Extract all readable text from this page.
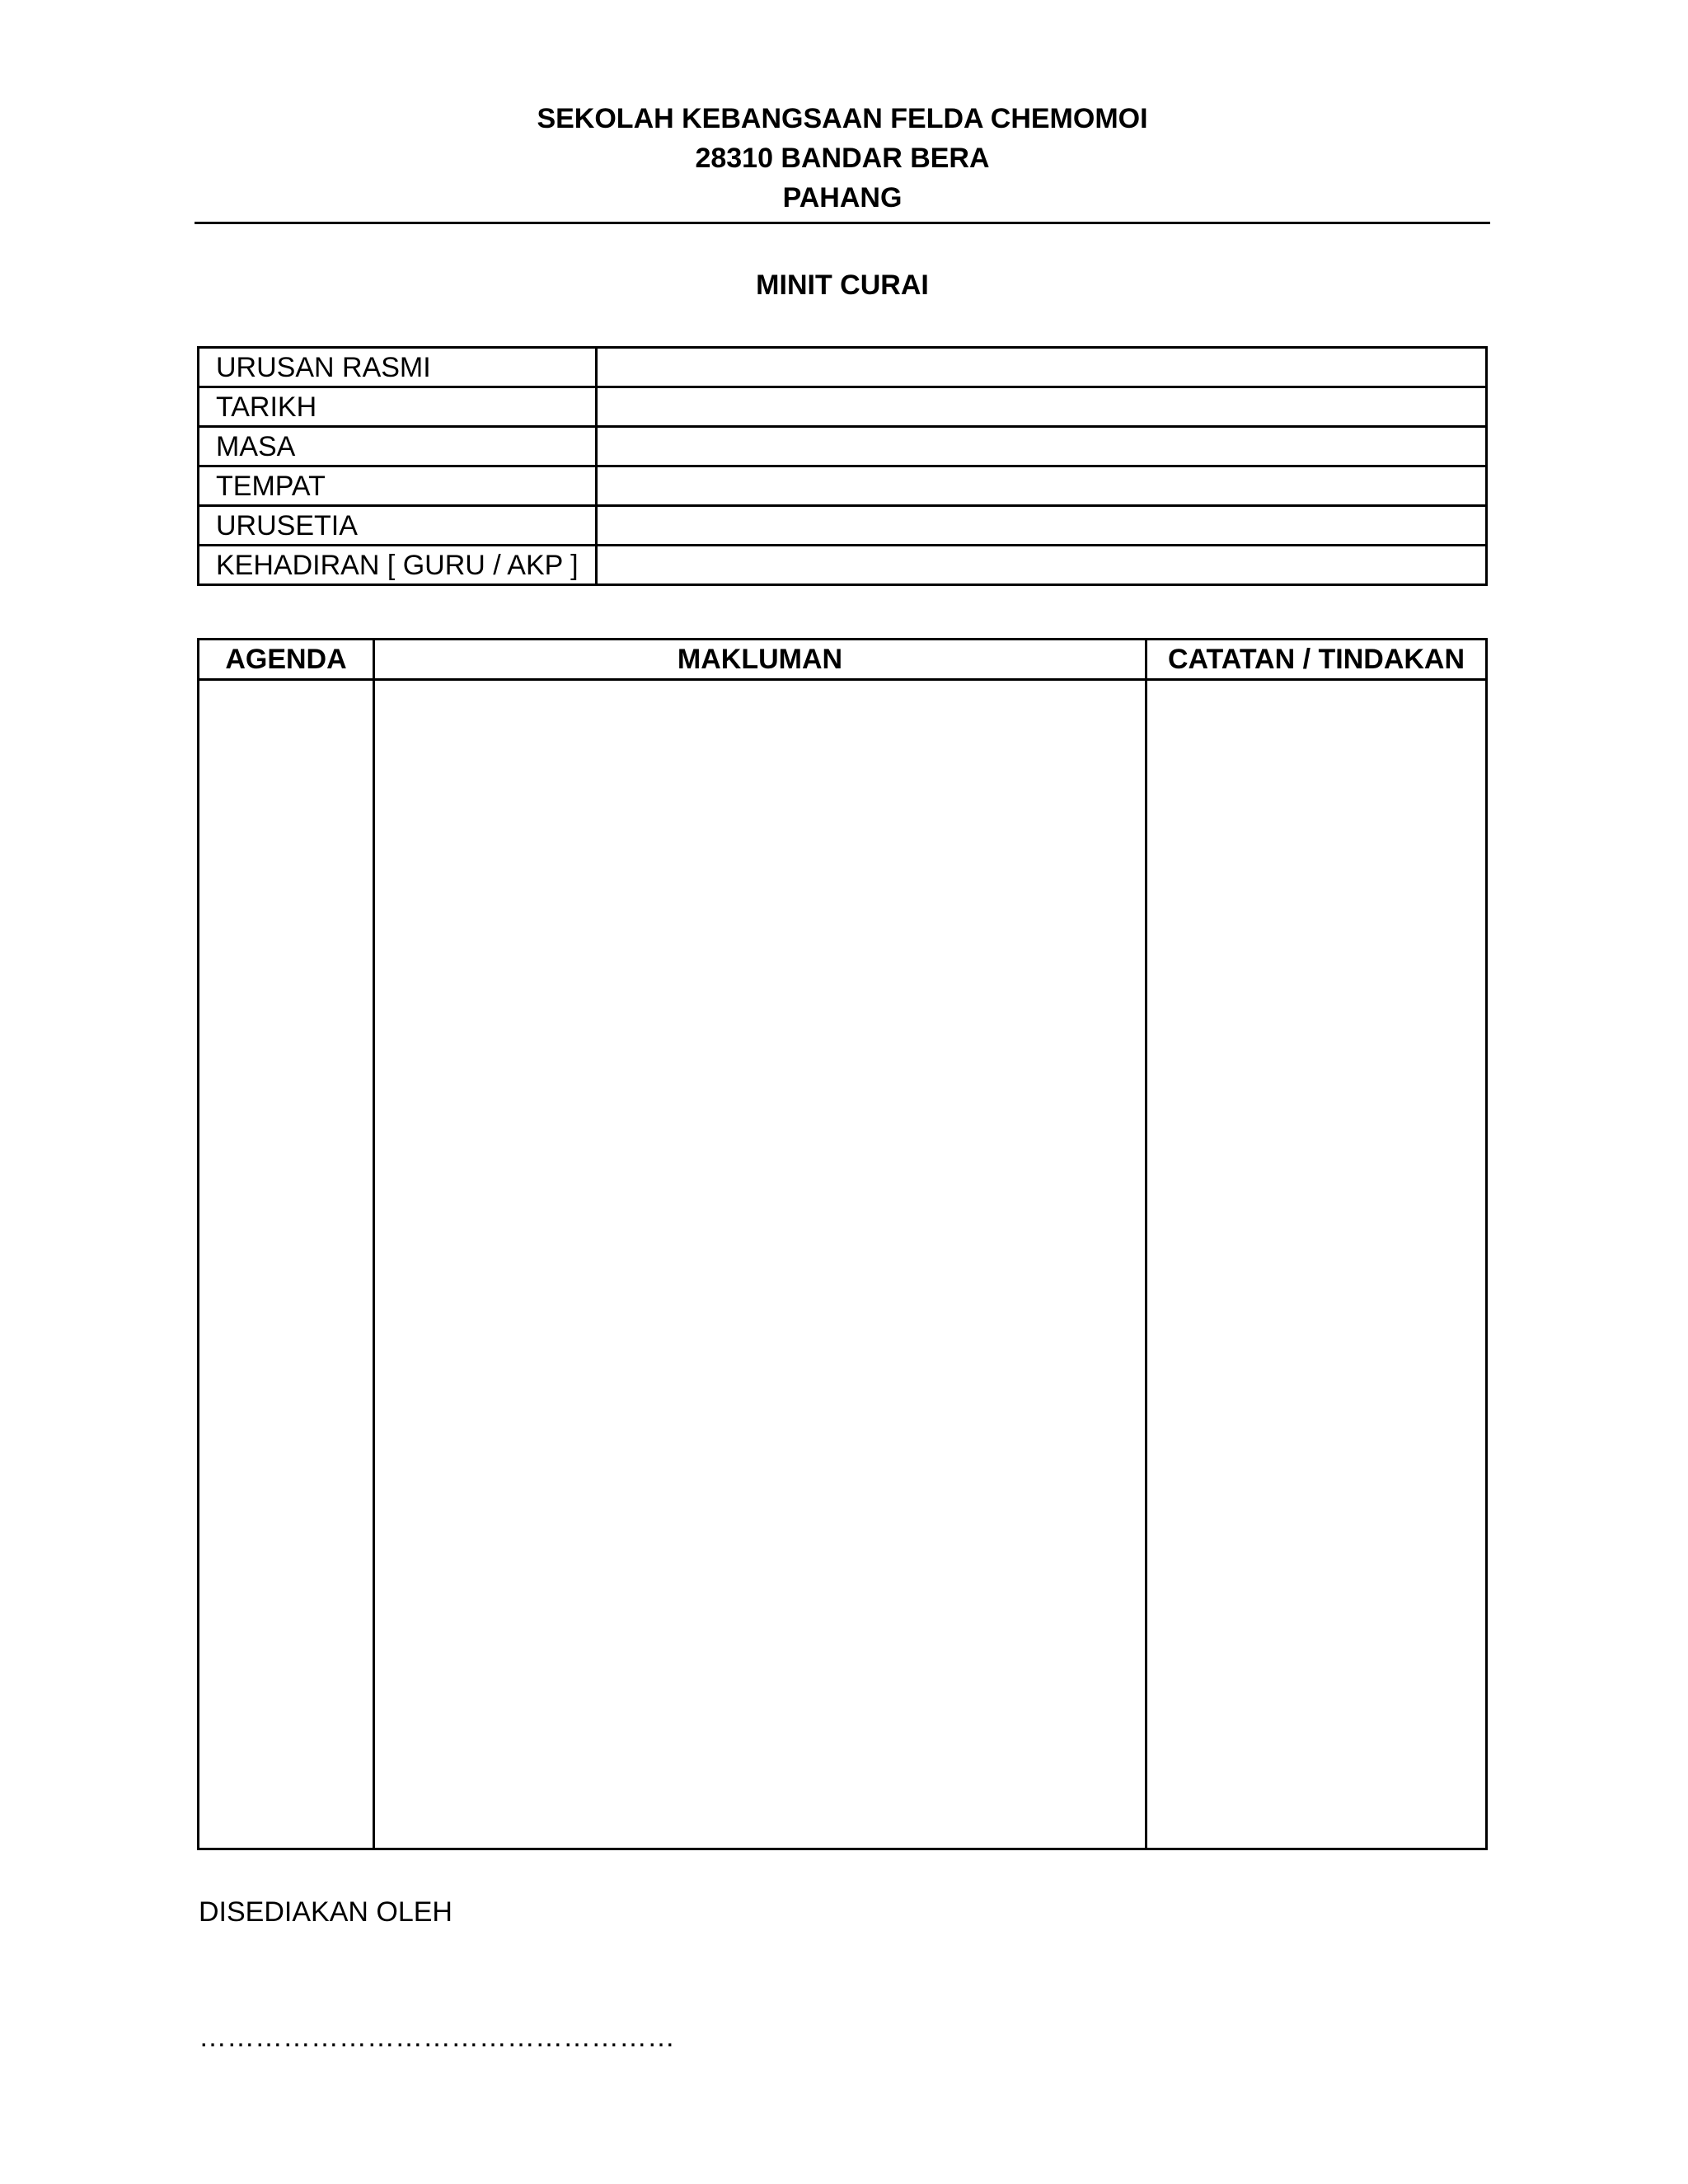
SEKOLAH KEBANGSAAN FELDA CHEMOMOI
28310 BANDAR BERA
PAHANG
MINIT CURAI
URUSAN RASMI	
TARIKH	
MASA	
TEMPAT	
URUSETIA	
KEHADIRAN [ GURU / AKP ]	
AGENDA	MAKLUMAN	CATATAN / TINDAKAN

DISEDIAKAN OLEH
……………………………………………
